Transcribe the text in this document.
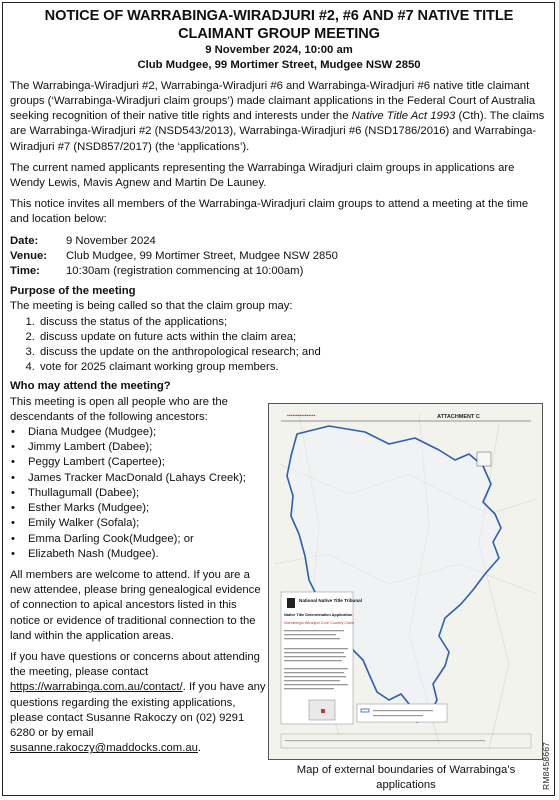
NOTICE OF WARRABINGA-WIRADJURI #2, #6 AND #7 NATIVE TITLE CLAIMANT GROUP MEETING
9 November 2024, 10:00 am
Club Mudgee, 99 Mortimer Street, Mudgee NSW 2850

The Warrabinga-Wiradjuri #2, Warrabinga-Wiradjuri #6 and Warrabinga-Wiradjuri #6 native title claimant groups (‘Warrabinga-Wiradjuri claim groups’) made claimant applications in the Federal Court of Australia seeking recognition of their native title rights and interests under the Native Title Act 1993 (Cth). The claims are Warrabinga-Wiradjuri #2 (NSD543/2013), Warrabinga-Wiradjuri #6 (NSD1786/2016) and Warrabinga-Wiradjuri #7 (NSD857/2017) (the ‘applications’).

The current named applicants representing the Warrabinga Wiradjuri claim groups in applications are Wendy Lewis, Mavis Agnew and Martin De Launey.

This notice invites all members of the Warrabinga-Wiradjuri claim groups to attend a meeting at the time and location below:

Date:	9 November 2024
Venue:	Club Mudgee, 99 Mortimer Street, Mudgee NSW 2850
Time:	10:30am (registration commencing at 10:00am)
Purpose of the meeting
The meeting is being called so that the claim group may:
1. discuss the status of the applications;
2. discuss update on future acts within the claim area;
3. discuss the update on the anthropological research; and
4. vote for 2025 claimant working group members.
Who may attend the meeting?
This meeting is open all people who are the descendants of the following ancestors:
• Diana Mudgee (Mudgee);
• Jimmy Lambert (Dabee);
• Peggy Lambert (Capertee);
• James Tracker MacDonald (Lahays Creek);
• Thullagumall (Dabee);
• Esther Marks (Mudgee);
• Emily Walker (Sofala);
• Emma Darling Cook(Mudgee); or
• Elizabeth Nash (Mudgee).

All members are welcome to attend. If you are a new attendee, please bring genealogical evidence of connection to apical ancestors listed in this notice or evidence of traditional connection to the land within the application areas.

If you have questions or concerns about attending the meeting, please contact https://warrabinga.com.au/contact/. If you have any questions regarding the existing applications, please contact Susanne Rakoczy on (02) 9291 6280 or by email susanne.rakoczy@maddocks.com.au.

▪▪▪▪▪▪▪▪▪▪▪▪▪▪▪▪	ATTACHMENT C
National Native Title Tribunal
Native Title Determination Application
Warrabinga-Wiradjuri Core Country Claim
Map of external boundaries of Warrabinga’s applications	RM8458667
